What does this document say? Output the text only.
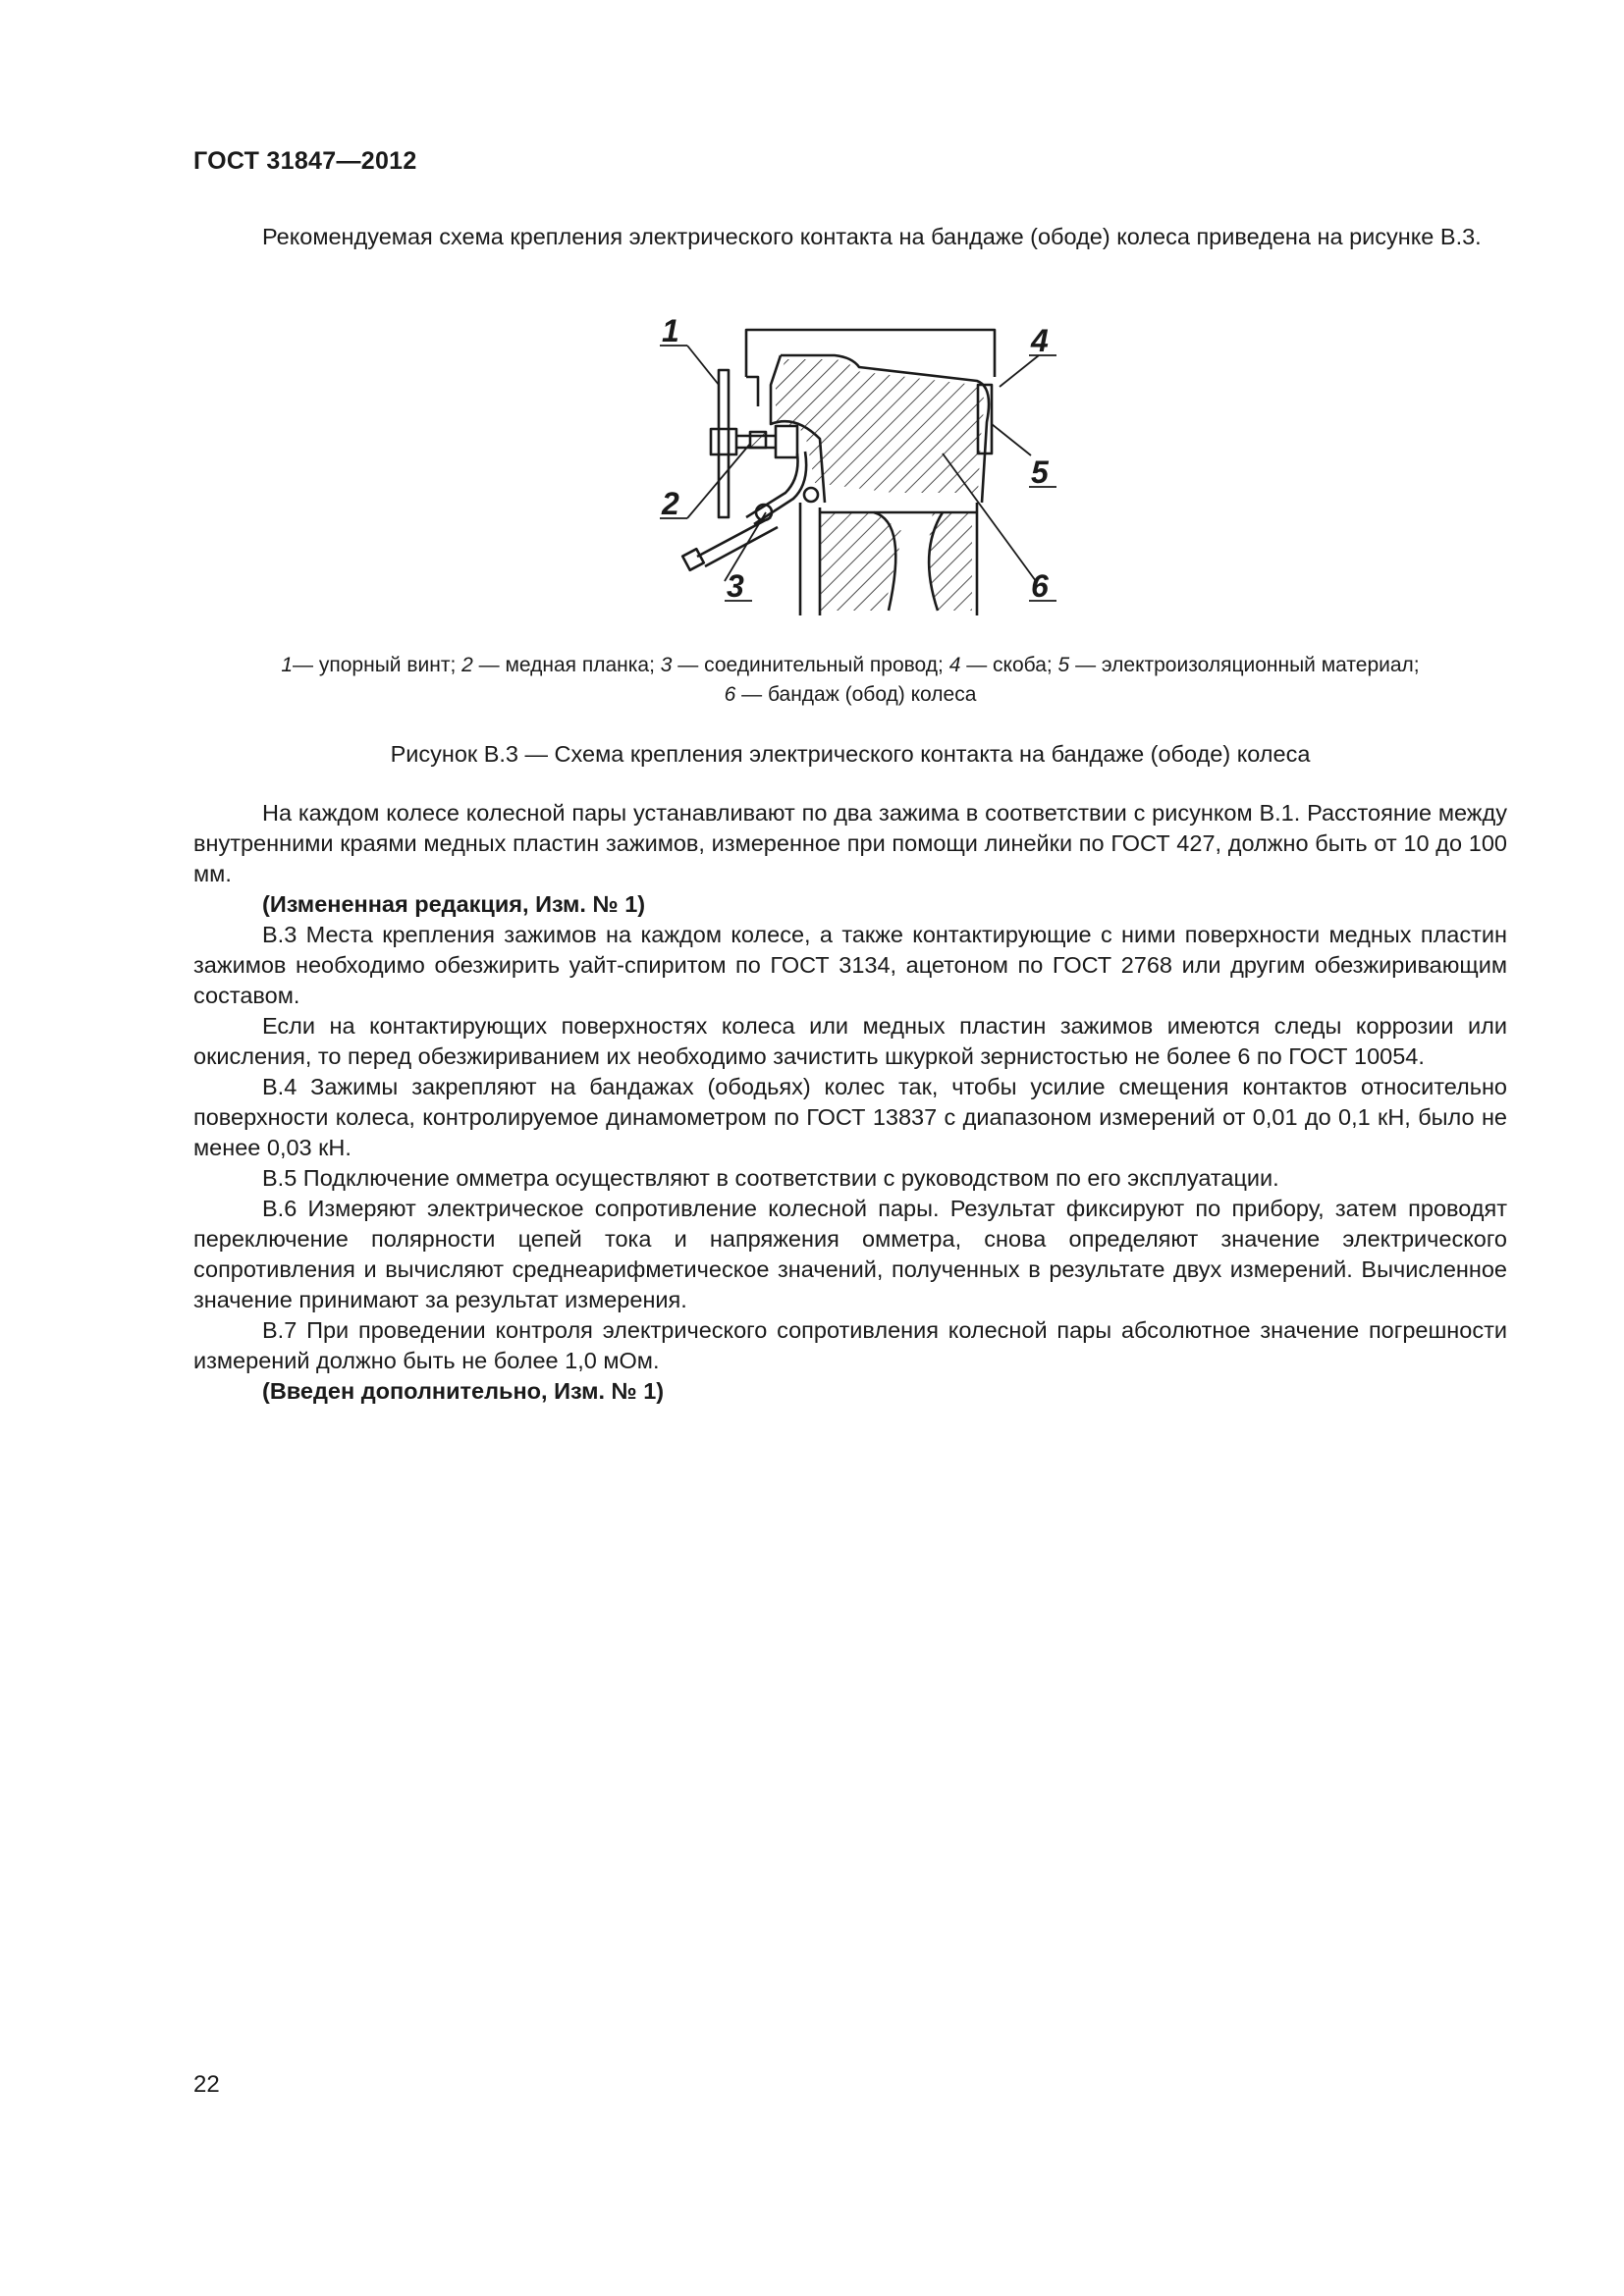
ГОСТ 31847—2012
Рекомендуемая схема крепления электрического контакта на бандаже (ободе) колеса приведена на рисунке В.3.
1
2
3
4
5
6
1— упорный винт; 2 — медная планка; 3 — соединительный провод; 4 — скоба; 5 — электроизоляционный материал;
6 — бандаж (обод) колеса
Рисунок В.3 — Схема крепления электрического контакта на бандаже (ободе) колеса
На каждом колесе колесной пары устанавливают по два зажима в соответствии с рисунком В.1. Расстояние между внутренними краями медных пластин зажимов, измеренное при помощи линейки по ГОСТ 427, должно быть от 10 до 100 мм.
(Измененная редакция, Изм. № 1)
В.3 Места крепления зажимов на каждом колесе, а также контактирующие с ними поверхности медных пластин зажимов необходимо обезжирить уайт-спиритом по ГОСТ 3134, ацетоном по ГОСТ 2768 или другим обезжиривающим составом.
Если на контактирующих поверхностях колеса или медных пластин зажимов имеются следы коррозии или окисления, то перед обезжириванием их необходимо зачистить шкуркой зернистостью не более 6 по ГОСТ 10054.
В.4 Зажимы закрепляют на бандажах (ободьях) колес так, чтобы усилие смещения контактов относительно поверхности колеса, контролируемое динамометром по ГОСТ 13837 с диапазоном измерений от 0,01 до 0,1 кН, было не менее 0,03 кН.
В.5 Подключение омметра осуществляют в соответствии с руководством по его эксплуатации.
В.6 Измеряют электрическое сопротивление колесной пары. Результат фиксируют по прибору, затем проводят переключение полярности цепей тока и напряжения омметра, снова определяют значение электрического сопротивления и вычисляют среднеарифметическое значений, полученных в результате двух измерений. Вычисленное значение принимают за результат измерения.
В.7 При проведении контроля электрического сопротивления колесной пары абсолютное значение погрешности измерений должно быть не более 1,0 мОм.
(Введен дополнительно, Изм. № 1)
22
